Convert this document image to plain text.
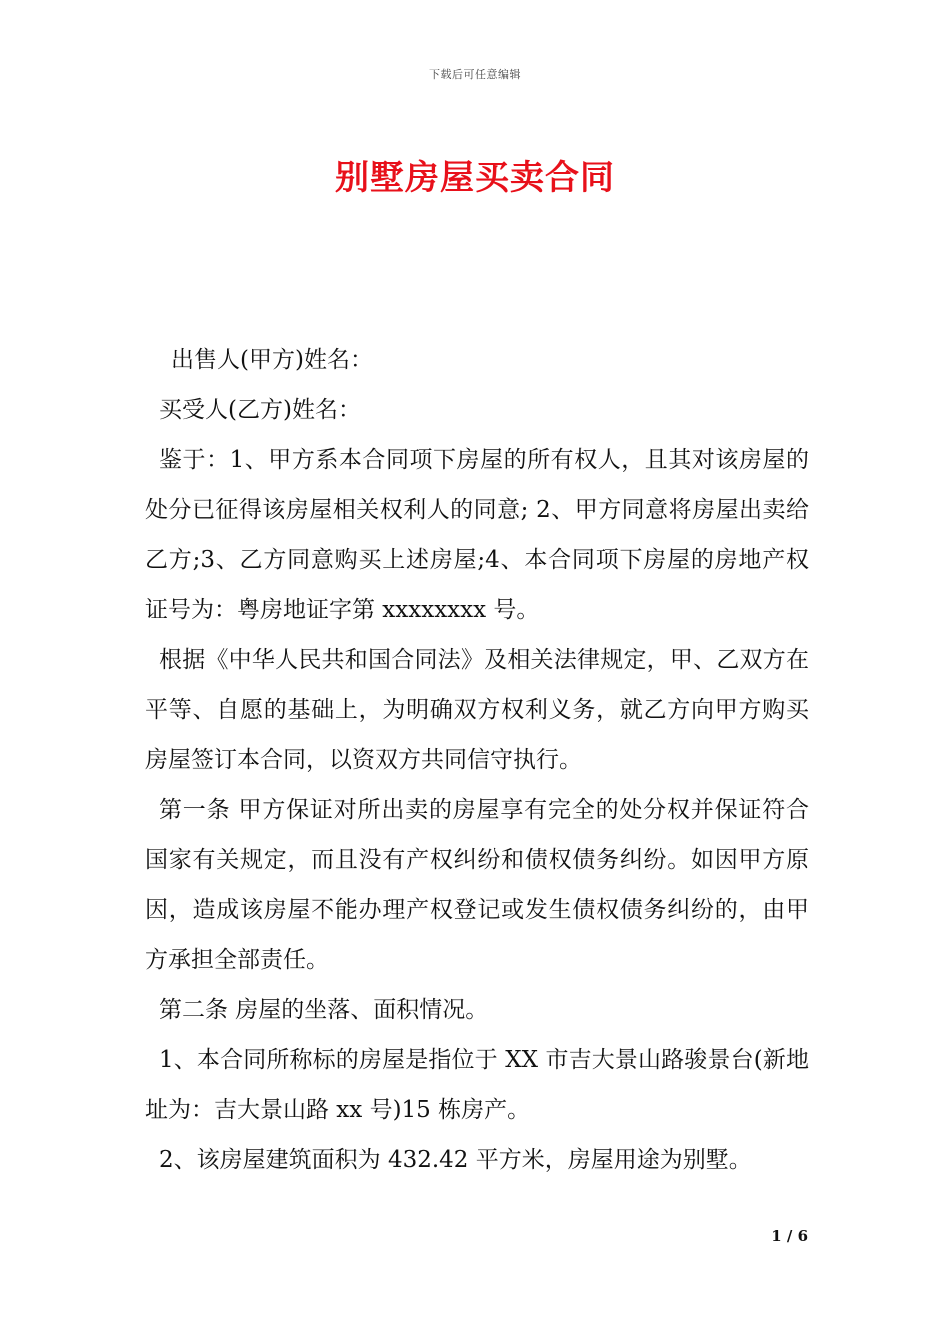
下载后可任意编辑
别墅房屋买卖合同

出售人(甲方)姓名：

买受人(乙方)姓名：

鉴于：1、甲方系本合同项下房屋的所有权人，且其对该房屋的处分已征得该房屋相关权利人的同意; 2、甲方同意将房屋出卖给乙方;3、乙方同意购买上述房屋;4、本合同项下房屋的房地产权证号为：粤房地证字第 xxxxxxxx 号。

根据《中华人民共和国合同法》及相关法律规定，甲、乙双方在平等、自愿的基础上，为明确双方权利义务，就乙方向甲方购买房屋签订本合同，以资双方共同信守执行。

第一条 甲方保证对所出卖的房屋享有完全的处分权并保证符合国家有关规定，而且没有产权纠纷和债权债务纠纷。如因甲方原因，造成该房屋不能办理产权登记或发生债权债务纠纷的，由甲方承担全部责任。

第二条 房屋的坐落、面积情况。

1、本合同所称标的房屋是指位于 XX 市吉大景山路骏景台(新地址为：吉大景山路 xx 号)15 栋房产。

2、该房屋建筑面积为 432.42 平方米，房屋用途为别墅。

1 / 6
